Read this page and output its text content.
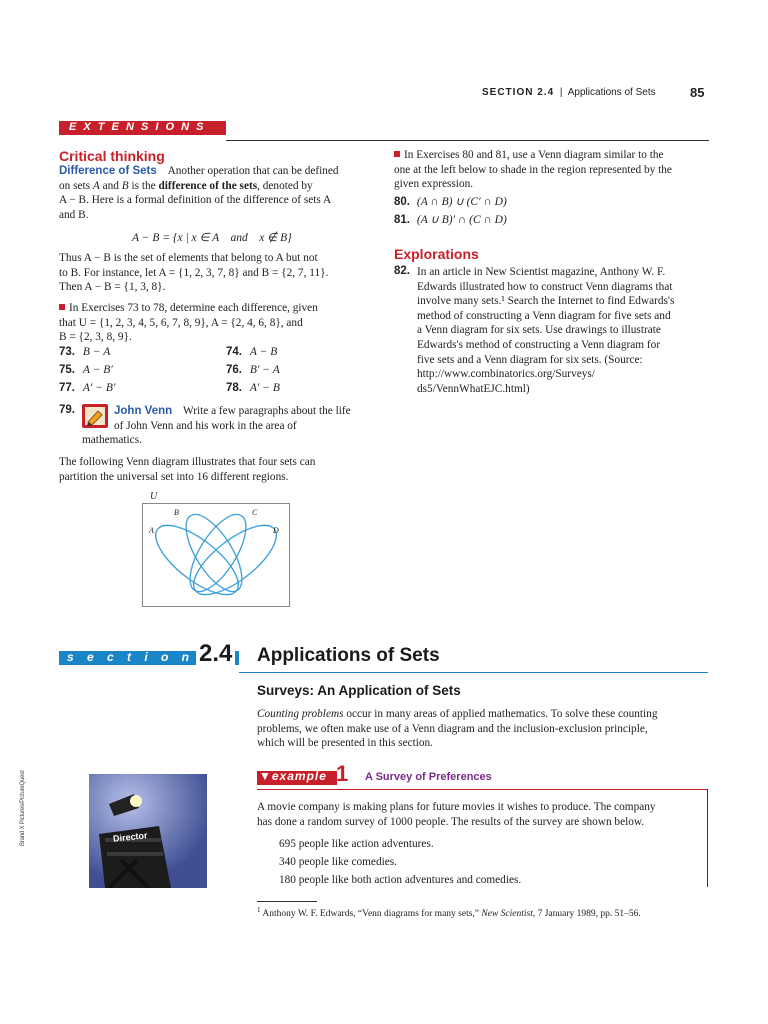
SECTION 2.4 | Applications of Sets	85
E X T E N S I O N S
Critical thinking
Difference of Sets Another operation that can be defined
on sets A and B is the difference of the sets, denoted by
A − B. Here is a formal definition of the difference of sets A
and B.
A − B = {x | x ∈ A    and    x ∉ B}
Thus A − B is the set of elements that belong to A but not
to B. For instance, let A = {1, 2, 3, 7, 8} and B = {2, 7, 11}.
Then A − B = {1, 3, 8}.
In Exercises 73 to 78, determine each difference, given
that U = {1, 2, 3, 4, 5, 6, 7, 8, 9}, A = {2, 4, 6, 8}, and
B = {2, 3, 8, 9}.
73. B − A	74. A − B
75. A − B′	76. B′ − A
77. A′ − B′	78. A′ − B
79.	John Venn Write a few paragraphs about the life
of John Venn and his work in the area of
mathematics.
The following Venn diagram illustrates that four sets can
partition the universal set into 16 different regions.
U
B	C
A	D
In Exercises 80 and 81, use a Venn diagram similar to the
one at the left below to shade in the region represented by the
given expression.
80. (A ∩ B) ∪ (C′ ∩ D)
81. (A ∪ B)′ ∩ (C ∩ D)
Explorations
82. In an article in New Scientist magazine, Anthony W. F.
Edwards illustrated how to construct Venn diagrams that
involve many sets.¹ Search the Internet to find Edwards's
method of constructing a Venn diagram for five sets and
a Venn diagram for six sets. Use drawings to illustrate
Edwards's method of constructing a Venn diagram for
five sets and a Venn diagram for six sets. (Source:
http://www.combinatorics.org/Surveys/
ds5/VennWhatEJC.html)
s e c t i o n 2.4 Applications of Sets
Surveys: An Application of Sets
Counting problems occur in many areas of applied mathematics. To solve these counting
problems, we often make use of a Venn diagram and the inclusion-exclusion principle,
which will be presented in this section.
▼example 1 A Survey of Preferences
A movie company is making plans for future movies it wishes to produce. The company
has done a random survey of 1000 people. The results of the survey are shown below.
695 people like action adventures.
340 people like comedies.
180 people like both action adventures and comedies.
Director
Brand X Pictures/PictureQuest
$^1$ Anthony W. F. Edwards, “Venn diagrams for many sets,” New Scientist, 7 January 1989, pp. 51–56.
